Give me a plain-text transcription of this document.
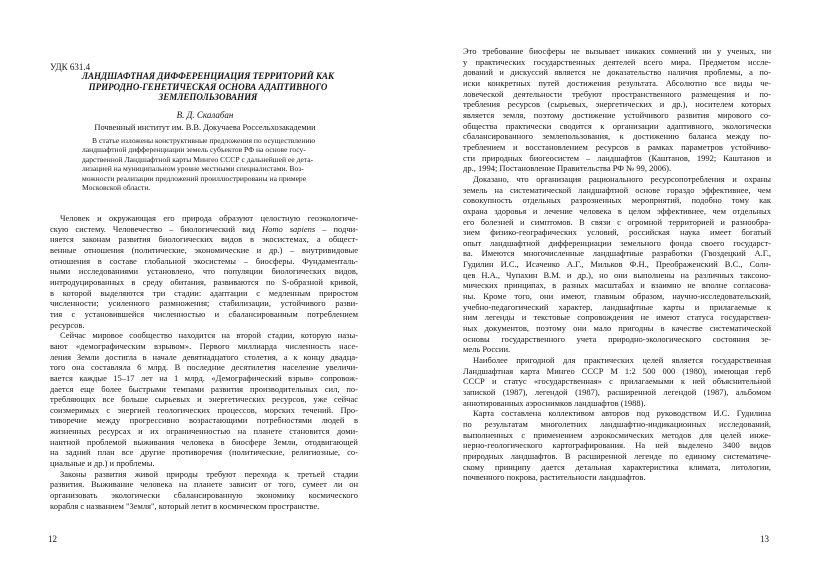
УДК 631.4
ЛАНДШАФТНАЯ ДИФФЕРЕНЦИАЦИЯ ТЕРРИТОРИЙ КАК
ПРИРОДНО-ГЕНЕТИЧЕСКАЯ ОСНОВА АДАПТИВНОГО
ЗЕМЛЕПОЛЬЗОВАНИЯ
В. Д. Скалабан
Почвенный институт им. В.В. Докучаева Россельхозакадемии
В статье изложены конструктивные предложения по осуществлению
ландшафтной дифференциации земель субъектов РФ на основе госу-
дарственной Ландшафтной карты Мингео СССР с дальнейшей ее дета-
лизацией на муниципальном уровне местными специалистами. Воз-
можности реализации предложений проиллюстрированы на примере
Московской области.
Человек и окружающая его природа образуют целостную геоэкологиче-
скую систему. Человечество – биологический вид Homo sapiens – подчи-
няется законам развития биологических видов в экосистемах, а общест-
венные отношения (политические, экономические и др.) – внутривидовые
отношения в составе глобальной экосистемы – биосферы. Фундаменталь-
ными исследованиями установлено, что популяции биологических видов,
интродуцированных в среду обитания, развиваются по S-образной кривой,
в которой выделяются три стадии: адаптации с медленным приростом
численности; усиленного размножения; стабилизации, устойчивого разви-
тия с установившейся численностью и сбалансированным потреблением
ресурсов.
Сейчас мировое сообщество находится на второй стадии, которую назы-
вают «демографическим взрывом». Первого миллиарда численность насе-
ления Земли достигла в начале девятнадцатого столетия, а к концу двадца-
того она составляла 6 млрд. В последние десятилетия население увеличи-
вается каждые 15–17 лет на 1 млрд. «Демографический взрыв» сопровож-
дается еще более быстрыми темпами развития производительных сил, по-
требляющих все больше сырьевых и энергетических ресурсов, уже сейчас
соизмеримых с энергией геологических процессов, морских течений. Про-
тиворечие между прогрессивно возрастающими потребностями людей в
жизненных ресурсах и их ограниченностью на планете становится доми-
нантной проблемой выживания человека в биосфере Земли, отодвигающей
на задний план все другие противоречия (политические, религиозные, со-
циальные и др.) и проблемы.
Законы развития живой природы требуют перехода к третьей стадии
развития. Выживание человека на планете зависит от того, сумеет ли он
организовать экологически сбалансированную экономику космического
корабля с названием "Земля", который летит в космическом пространстве.
12
Это требование биосферы не вызывает никаких сомнений ни у ученых, ни
у практических государственных деятелей всего мира. Предметом иссле-
дований и дискуссий является не доказательство наличия проблемы, а по-
иски конкретных путей достижения результата. Абсолютно все виды че-
ловеческой деятельности требуют пространственного размещения и по-
требления ресурсов (сырьевых, энергетических и др.), носителем которых
является земля, поэтому достижение устойчивого развития мирового со-
общества практически сводится к организации адаптивного, экологически
сбалансированного землепользования, к достижению баланса между по-
треблением и восстановлением ресурсов в рамках параметров устойчиво-
сти природных биогеосистем – ландшафтов (Каштанов, 1992; Каштанов и
др., 1994; Постановление Правительства РФ № 99, 2006).
Доказано, что организация рационального ресурсопотребления и охраны
земель на систематической ландшафтной основе гораздо эффективнее, чем
совокупность отдельных разрозненных мероприятий, подобно тому как
охрана здоровья и лечение человека в целом эффективнее, чем отдельных
его болезней и симптомов. В связи с огромной территорией и разнообра-
зием физико-географических условий, российская наука имеет богатый
опыт ландшафтной дифференциации земельного фонда своего государст-
ва. Имеются многочисленные ландшафтные разработки (Гвоздецкий А.Г.,
Гудилин И.С., Исаченко А.Г., Мильков Ф.Н., Преображенский В.С., Солн-
цев Н.А., Чупахин В.М. и др.), но они выполнены на различных таксоно-
мических принципах, в разных масштабах и взаимно не вполне согласова-
ны. Кроме того, они имеют, главным образом, научно-исследовательский,
учебно-педагогический характер, ландшафтные карты и прилагаемые к
ним легенды и текстовые сопровождения не имеют статуса государствен-
ных документов, поэтому они мало пригодны в качестве систематической
основы государственного учета природно-экологического состояния зе-
мель России.
Наиболее пригодной для практических целей является государственная
Ландшафтная карта Мингео СССР М 1:2 500 000 (1980), имеющая герб
СССР и статус «государственная» с прилагаемыми к ней объяснительной
запиской (1987), легендой (1987), расширенной легендой (1987), альбомом
аннотированных аэроснимков ландшафтов (1988).
Карта составлена коллективом авторов под руководством И.С. Гудилина
по результатам многолетних ландшафтно-индикационных исследований,
выполненных с применением аэрокосмических методов для целей инже-
нерно-геологического картографирования. На ней выделено 3400 видов
природных ландшафтов. В расширенной легенде по единому систематиче-
скому принципу дается детальная характеристика климата, литологии,
почвенного покрова, растительности ландшафтов.
13
